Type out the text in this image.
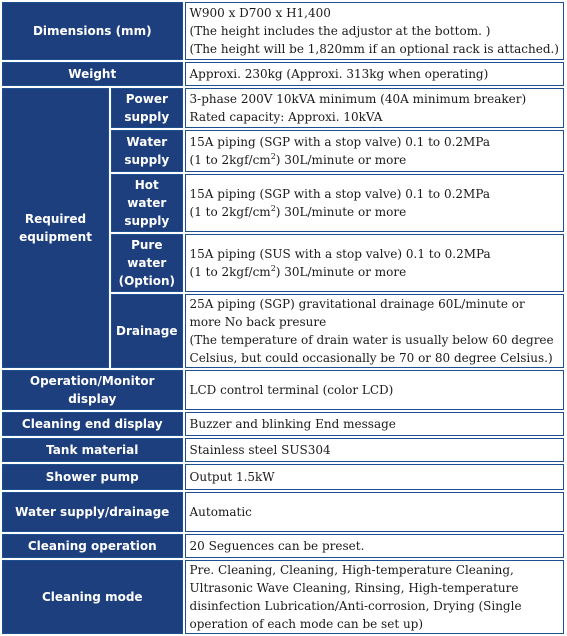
Dimensions (mm)		W900 x D700 x H1,400
(The height includes the adjustor at the bottom. )
(The height will be 1,820mm if an optional rack is attached.)

Weight		Approxi. 230kg (Approxi. 313kg when operating)
Required equipment	Power supply	3-phase 200V 10kVA minimum (40A minimum breaker)
Rated capacity: Approxi. 10kVA

	Water supply	15A piping (SGP with a stop valve) 0.1 to 0.2MPa
(1 to $2kgf/cm^2$) 30L/minute or more

	Hot water supply	15A piping (SGP with a stop valve) 0.1 to 0.2MPa
(1 to $2kgf/cm^2$) 30L/minute or more

	Pure water (Option)	15A piping (SUS with a stop valve) 0.1 to 0.2MPa
(1 to $2kgf/cm^2$) 30L/minute or more

	Drainage	25A piping (SGP) gravitational drainage 60L/minute or more No back presure
(The temperature of drain water is usually below 60 degree Celsius, but could occasionally be 70 or 80 degree Celsius.)

Operation/Monitor display		LCD control terminal (color LCD)
Cleaning end display		Buzzer and blinking End message
Tank material		Stainless steel SUS304
Shower pump		Output 1.5kW
Water supply/drainage		Automatic
Cleaning operation		20 Seguences can be preset.
Cleaning mode		Pre. Cleaning, Cleaning, High-temperature Cleaning, Ultrasonic Wave Cleaning, Rinsing, High-temperature disinfection Lubrication/Anti-corrosion, Drying (Single operation of each mode can be set up)
